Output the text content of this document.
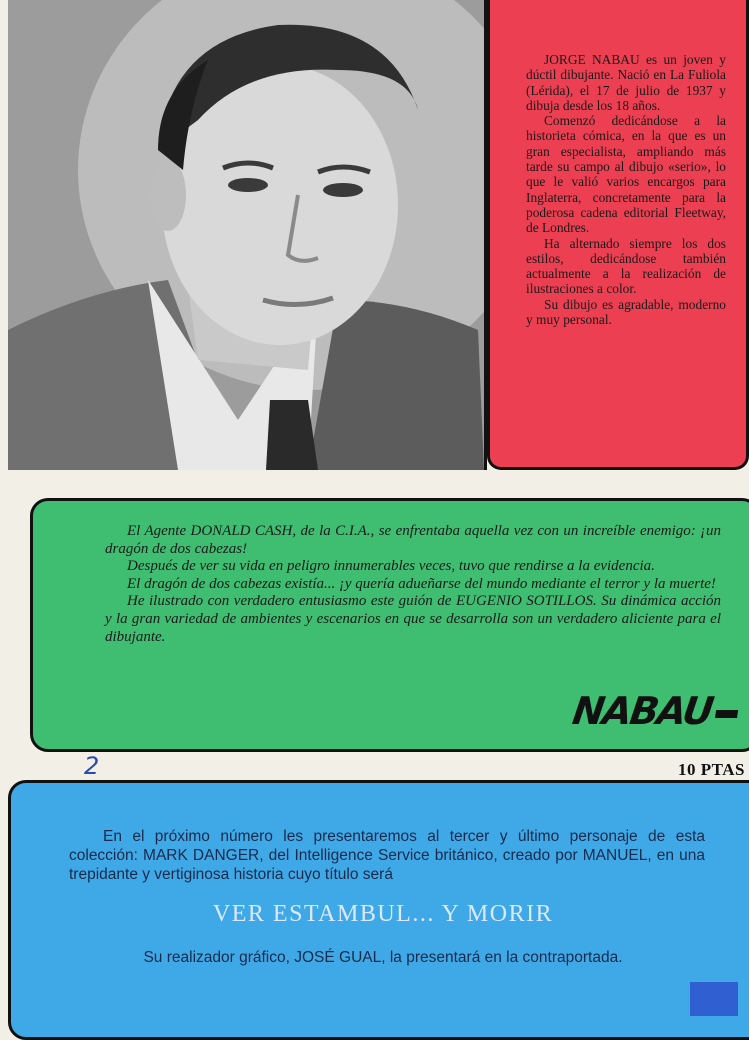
JORGE NABAU es un joven y dúctil dibujante. Nació en La Fuliola (Lérida), el 17 de julio de 1937 y dibuja desde los 18 años.

Comenzó dedicándose a la historieta cómica, en la que es un gran especialista, ampliando más tarde su campo al dibujo «serio», lo que le valió varios encargos para Inglaterra, concretamente para la poderosa cadena editorial Fleetway, de Londres.

Ha alternado siempre los dos estilos, dedicándose también actualmente a la realización de ilustraciones a color.

Su dibujo es agradable, moderno y muy personal.

El Agente DONALD CASH, de la C.I.A., se enfrentaba aquella vez con un increíble enemigo: ¡un dragón de dos cabezas!

Después de ver su vida en peligro innumerables veces, tuvo que rendirse a la evidencia.

El dragón de dos cabezas existía... ¡y quería adueñarse del mundo mediante el terror y la muerte!

He ilustrado con verdadero entusiasmo este guión de EUGENIO SOTILLOS. Su dinámica acción y la gran variedad de ambientes y escenarios en que se desarrolla son un verdadero aliciente para el dibujante.

NABAU
2	10 PTAS
En el próximo número les presentaremos al tercer y último personaje de esta colección: MARK DANGER, del Intelligence Service británico, creado por MANUEL, en una trepidante y vertiginosa historia cuyo título será
VER ESTAMBUL... Y MORIR
Su realizador gráfico, JOSÉ GUAL, la presentará en la contraportada.
